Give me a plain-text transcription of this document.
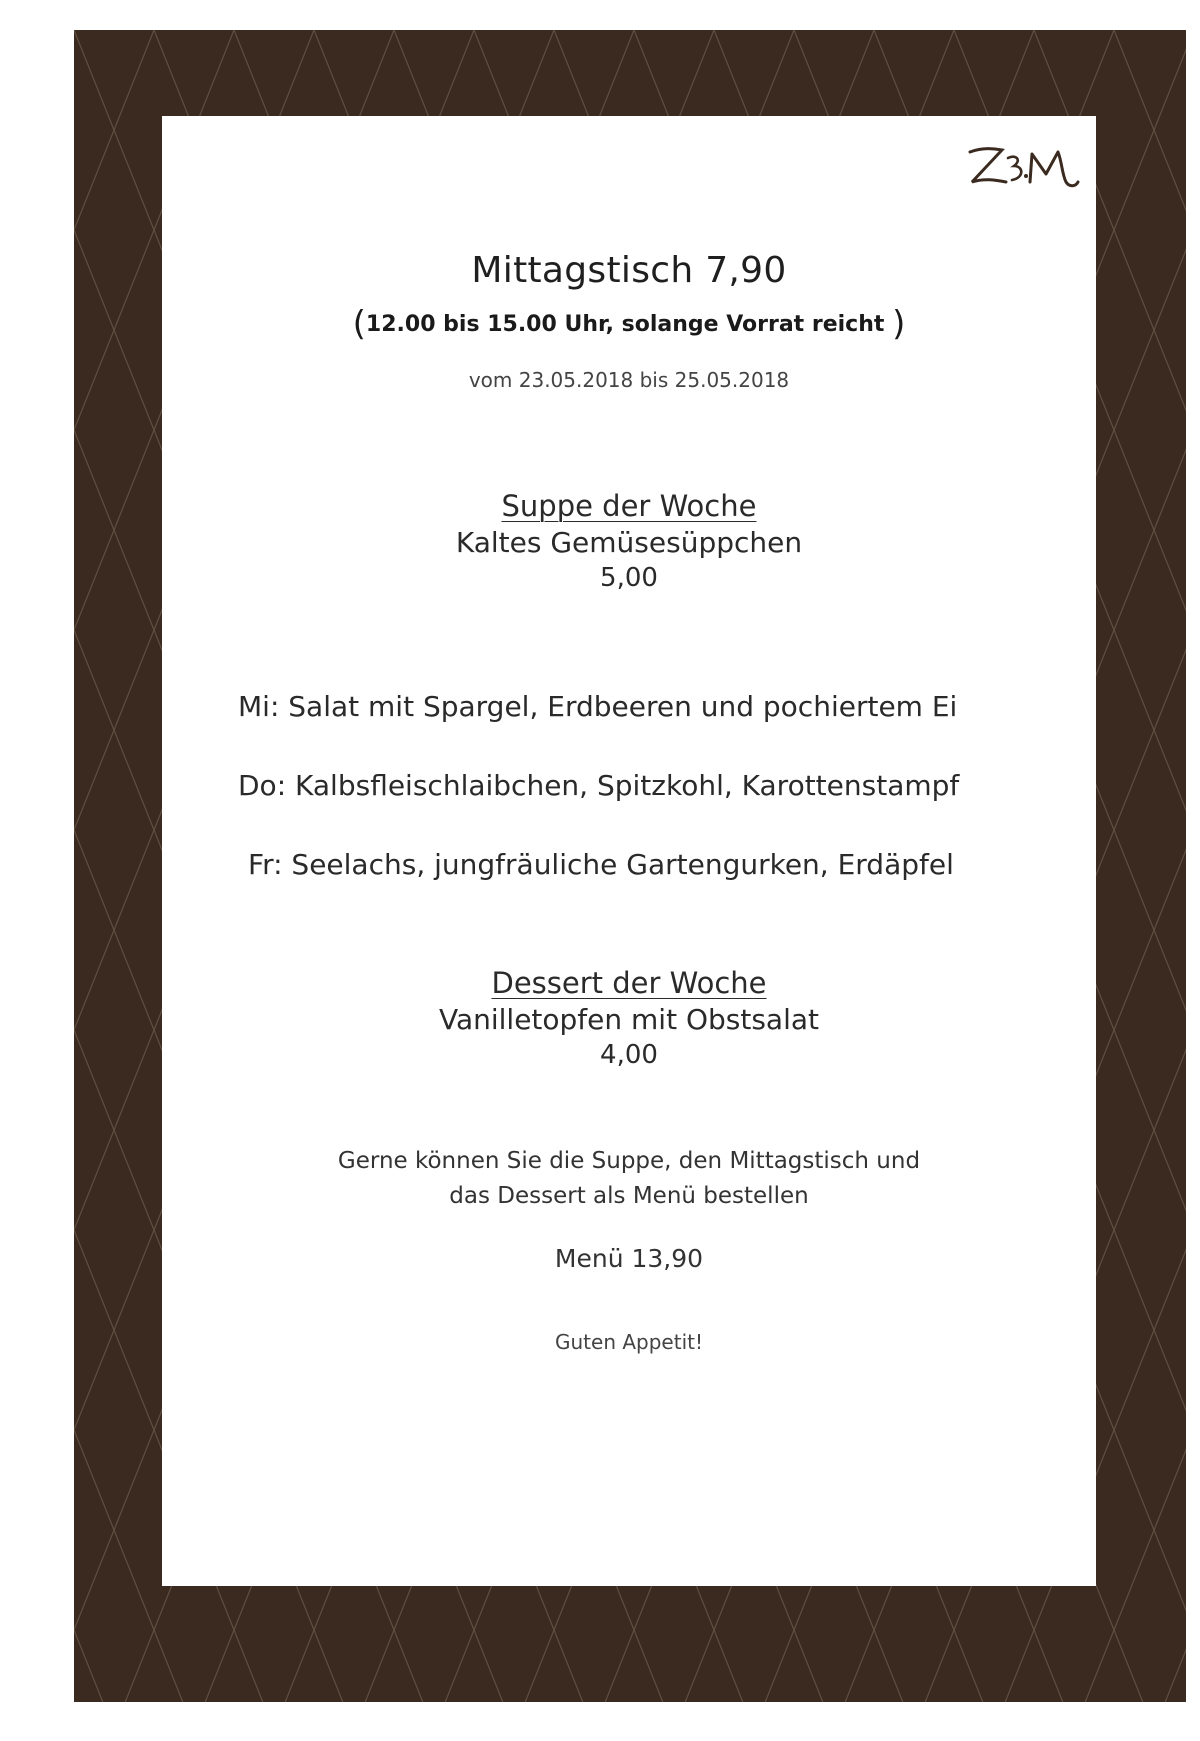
Mittagstisch 7,90
(12.00 bis 15.00 Uhr, solange Vorrat reicht )
vom 23.05.2018 bis 25.05.2018
Suppe der Woche
Kaltes Gemüsesüppchen
5,00
Mi: Salat mit Spargel, Erdbeeren und pochiertem Ei
Do: Kalbsfleischlaibchen, Spitzkohl, Karottenstampf
Fr: Seelachs, jungfräuliche Gartengurken, Erdäpfel
Dessert der Woche
Vanilletopfen mit Obstsalat
4,00
Gerne können Sie die Suppe, den Mittagstisch und
das Dessert als Menü bestellen
Menü 13,90
Guten Appetit!
